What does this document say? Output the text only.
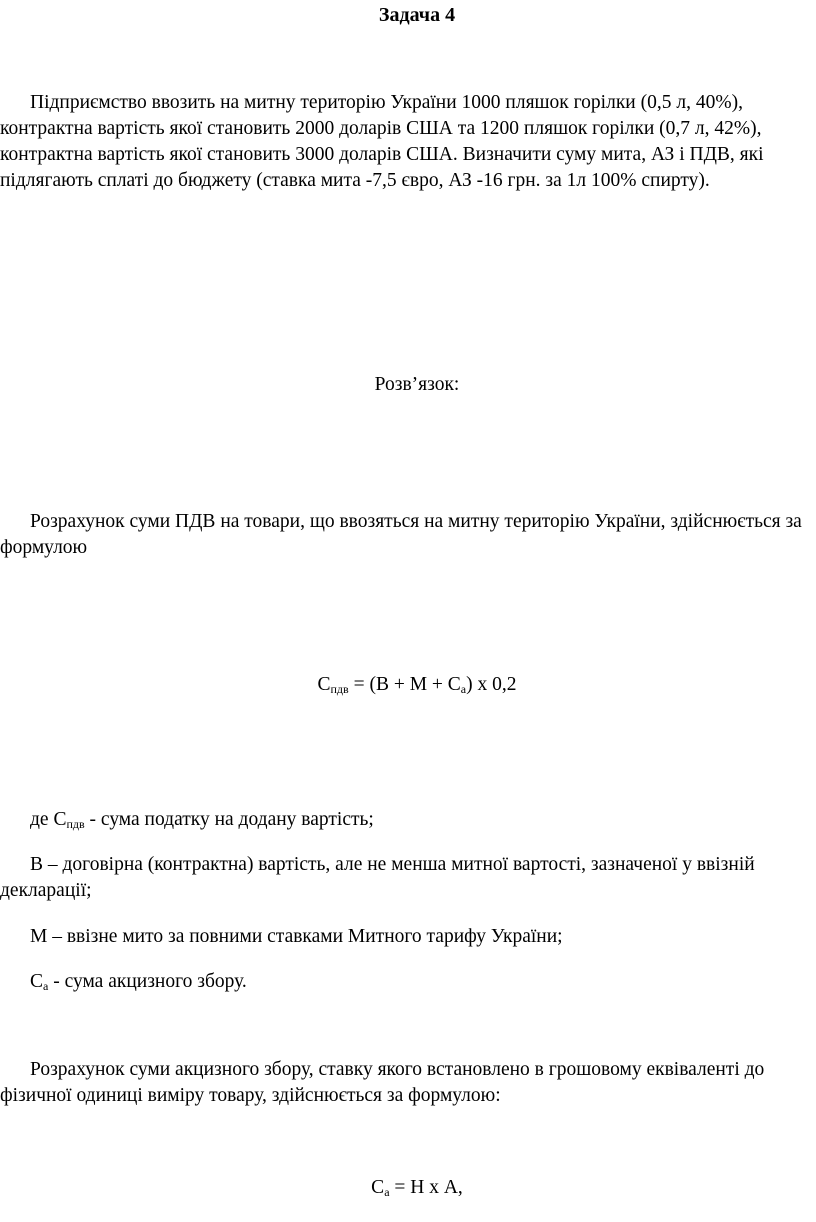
Задача 4

Підприємство ввозить на митну територію України 1000 пляшок горілки (0,5 л, 40%), контрактна вартість якої становить 2000 доларів США та 1200 пляшок горілки (0,7 л, 42%), контрактна вартість якої становить 3000 доларів США. Визначити суму мита, АЗ і ПДВ, які підлягають сплаті до бюджету (ставка мита -7,5 євро, АЗ -16 грн. за 1л 100% спирту).

Розв’язок:

Розрахунок суми ПДВ на товари, що ввозяться на митну територію України, здійснюється за формулою

$С_{пдв} = (В + М + С_а)$ х 0,2

де $С_{пдв}$ - сума податку на додану вартість;

В – договірна (контрактна) вартість, але не менша митної вартості, зазначеної у ввізній декларації;

М – ввізне мито за повними ставками Митного тарифу України;

$С_а$ - сума акцизного збору.

Розрахунок суми акцизного збору, ставку якого встановлено в грошовому еквіваленті до фізичної одиниці виміру товару, здійснюється за формулою:

$С_а = Н$ х А,
